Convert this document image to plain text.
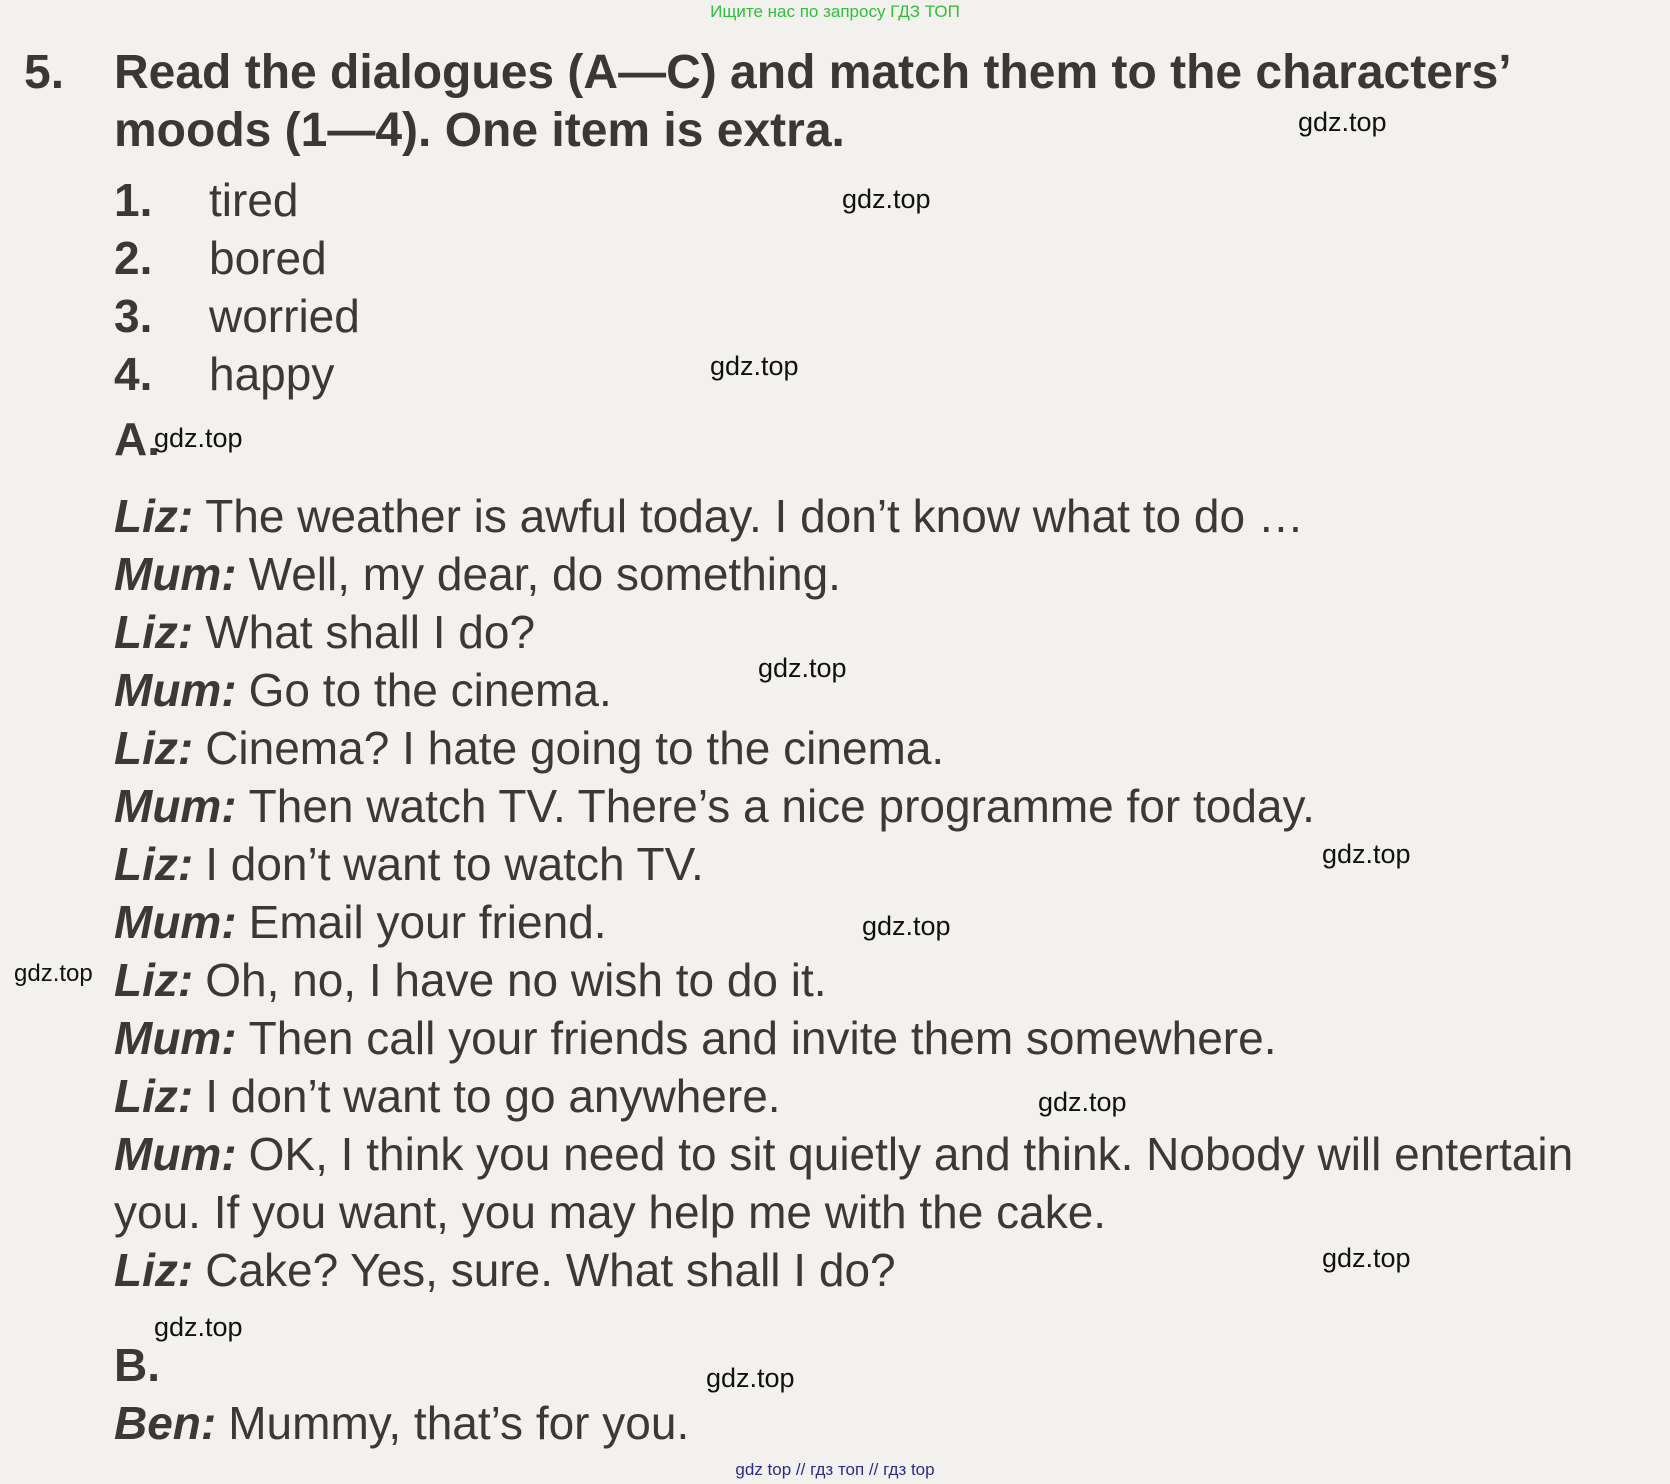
Ищите нас по запросу ГДЗ ТОП
5. Read the dialogues (A—C) and match them to the characters’ moods (1—4). One item is extra.

1. tired
2. bored
3. worried
4. happy
A.
Liz: The weather is awful today. I don’t know what to do …
Mum: Well, my dear, do something.
Liz: What shall I do?
Mum: Go to the cinema.
Liz: Cinema? I hate going to the cinema.
Mum: Then watch TV. There’s a nice programme for today.
Liz: I don’t want to watch TV.
Mum: Email your friend.
Liz: Oh, no, I have no wish to do it.
Mum: Then call your friends and invite them somewhere.
Liz: I don’t want to go anywhere.
Mum: OK, I think you need to sit quietly and think. Nobody will entertain you. If you want, you may help me with the cake.
Liz: Cake? Yes, sure. What shall I do?
B.
Ben: Mummy, that’s for you.
gdz.top
gdz.top
gdz.top
gdz.top
gdz.top
gdz.top
gdz.top
gdz.top
gdz.top
gdz.top
gdz.top
gdz.top
gdz top // гдз топ // гдз top
